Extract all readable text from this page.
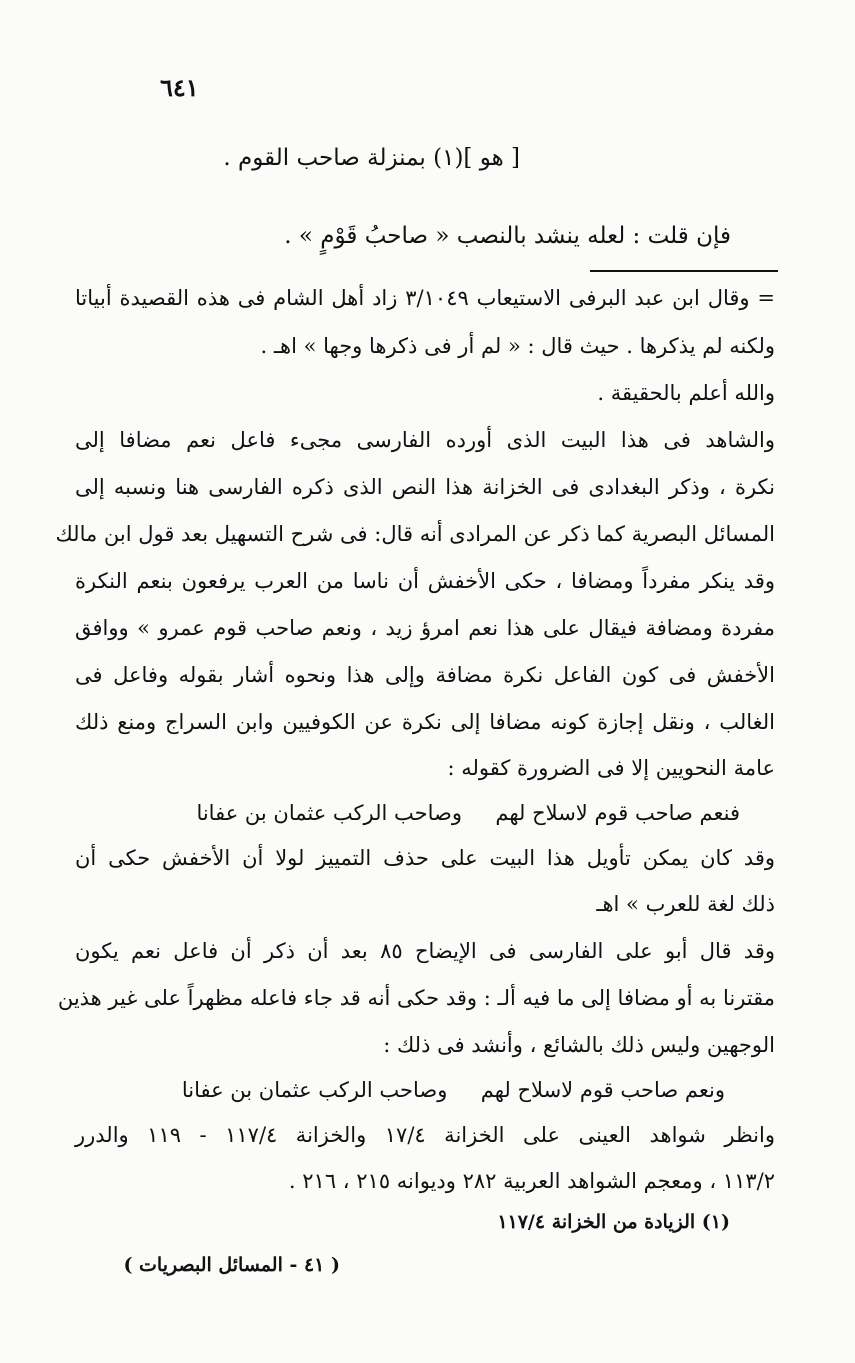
٦٤١
[ هو ](١) بمنزلة صاحب القوم .
فإن قلت : لعله ينشد بالنصب « صاحبُ قَوْمٍ » .
= وقال ابن عبد البرفى الاستيعاب ٣/١٠٤٩ زاد أهل الشام فى هذه القصيدة أبياتا
ولكنه لم يذكرها . حيث قال : « لم أر فى ذكرها وجها » اهـ .
والله أعلم بالحقيقة .
والشاهد فى هذا البيت الذى أورده الفارسى مجىء فاعل نعم مضافا إلى
نكرة ، وذكر البغدادى فى الخزانة هذا النص الذى ذكره الفارسى هنا ونسبه إلى
المسائل البصرية كما ذكر عن المرادى أنه قال: فى شرح التسهيل بعد قول ابن مالك
وقد ينكر مفرداً ومضافا ، حكى الأخفش أن ناسا من العرب يرفعون بنعم النكرة
مفردة ومضافة فيقال على هذا نعم امرؤ زيد ، ونعم صاحب قوم عمرو » ووافق
الأخفش فى كون الفاعل نكرة مضافة وإلى هذا ونحوه أشار بقوله وفاعل فى
الغالب ، ونقل إجازة كونه مضافا إلى نكرة عن الكوفيين وابن السراج ومنع ذلك
عامة النحويين إلا فى الضرورة كقوله :
فنعم صاحب قوم لاسلاح لهم     وصاحب الركب عثمان بن عفانا
وقد كان يمكن تأويل هذا البيت على حذف التمييز لولا أن الأخفش حكى أن
ذلك لغة للعرب » اهـ
وقد قال أبو على الفارسى فى الإيضاح ٨٥ بعد أن ذكر أن فاعل نعم يكون
مقترنا به أو مضافا إلى ما فيه ألـ : وقد حكى أنه قد جاء فاعله مظهراً على غير هذين
الوجهين وليس ذلك بالشائع ، وأنشد فى ذلك :
ونعم صاحب قوم لاسلاح لهم     وصاحب الركب عثمان بن عفانا
وانظر شواهد العينى على الخزانة ١٧/٤ والخزانة ١١٧/٤ - ١١٩ والدرر
١١٣/٢ ، ومعجم الشواهد العربية ٢٨٢ وديوانه ٢١٥ ، ٢١٦ .
(١) الزيادة من الخزانة ١١٧/٤
( ٤١ - المسائل البصريات )
